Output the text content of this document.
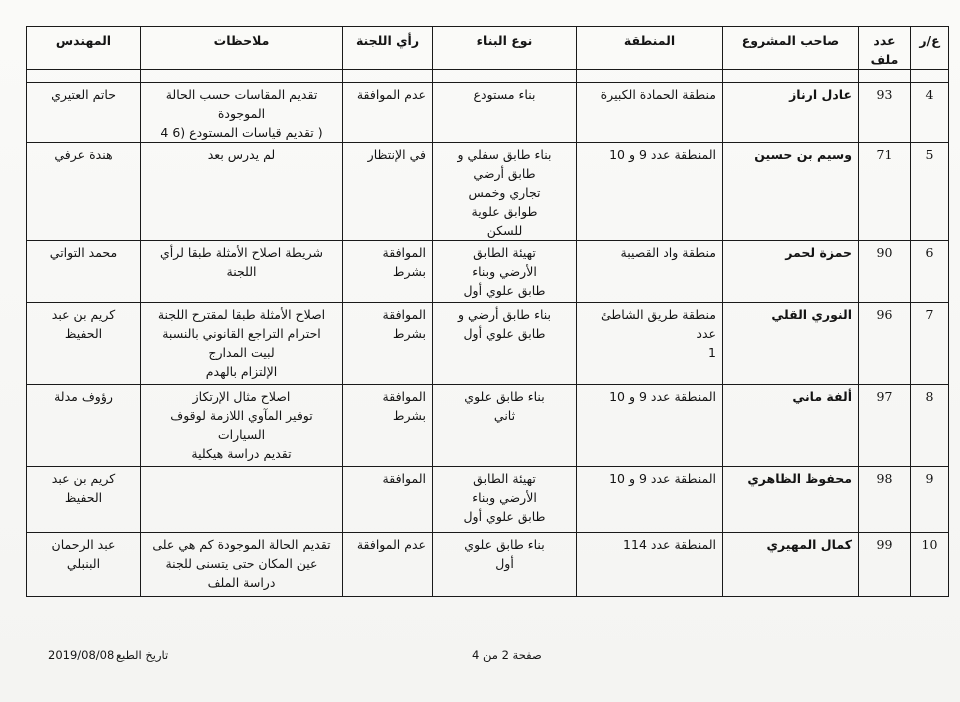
ع/ر	عدد ملف	صاحب المشروع	المنطقة	نوع البناء	رأي اللجنة	ملاحظات	المهندس

4	93	عادل ارناز	منطقة الحمادة الكبيرة	بناء مستودع	عدم الموافقة	تقديم المقاسات حسب الحالة
الموجودة
( تقديم قياسات المستودع (6 4	حاتم العتيري

5	71	وسيم بن حسين	المنطقة عدد 9 و 10	بناء طابق سفلي و
طابق أرضي
تجاري وخمس
طوابق علوية
للسكن	في الإنتظار	لم يدرس بعد	هندة عرفي

6	90	حمزة لحمر	منطقة واد القصيبة	تهيئة الطابق
الأرضي وبناء
طابق علوي أول	الموافقة بشرط	شريطة اصلاح الأمثلة طبقا لرأي
اللجنة	محمد التواتي

7	96	النوري القلي	منطقة طريق الشاطئ عدد
1	بناء طابق أرضي و
طابق علوي أول	الموافقة بشرط	اصلاح الأمثلة طبقا لمقترح اللجنة
احترام التراجع القانوني بالنسبة
لبيت المدارج
الإلتزام بالهدم	كريم بن عبد
الحفيظ

8	97	ألفة ماني	المنطقة عدد 9 و 10	بناء طابق علوي
ثاني	الموافقة بشرط	اصلاح مثال الإرتكاز
توفير المآوي اللازمة لوقوف
السيارات
تقديم دراسة هيكلية	رؤوف مدلة

9	98	محفوظ الظاهري	المنطقة عدد 9 و 10	تهيئة الطابق
الأرضي وبناء
طابق علوي أول	الموافقة		كريم بن عبد
الحفيظ

10	99	كمال المهيري	المنطقة عدد 114	بناء طابق علوي
أول	عدم الموافقة	تقديم الحالة الموجودة كم هي على
عين المكان حتى يتسنى للجنة
دراسة الملف	عبد الرحمان
البنبلي
2019/08/08 تاريخ الطبع	صفحة 2 من 4
